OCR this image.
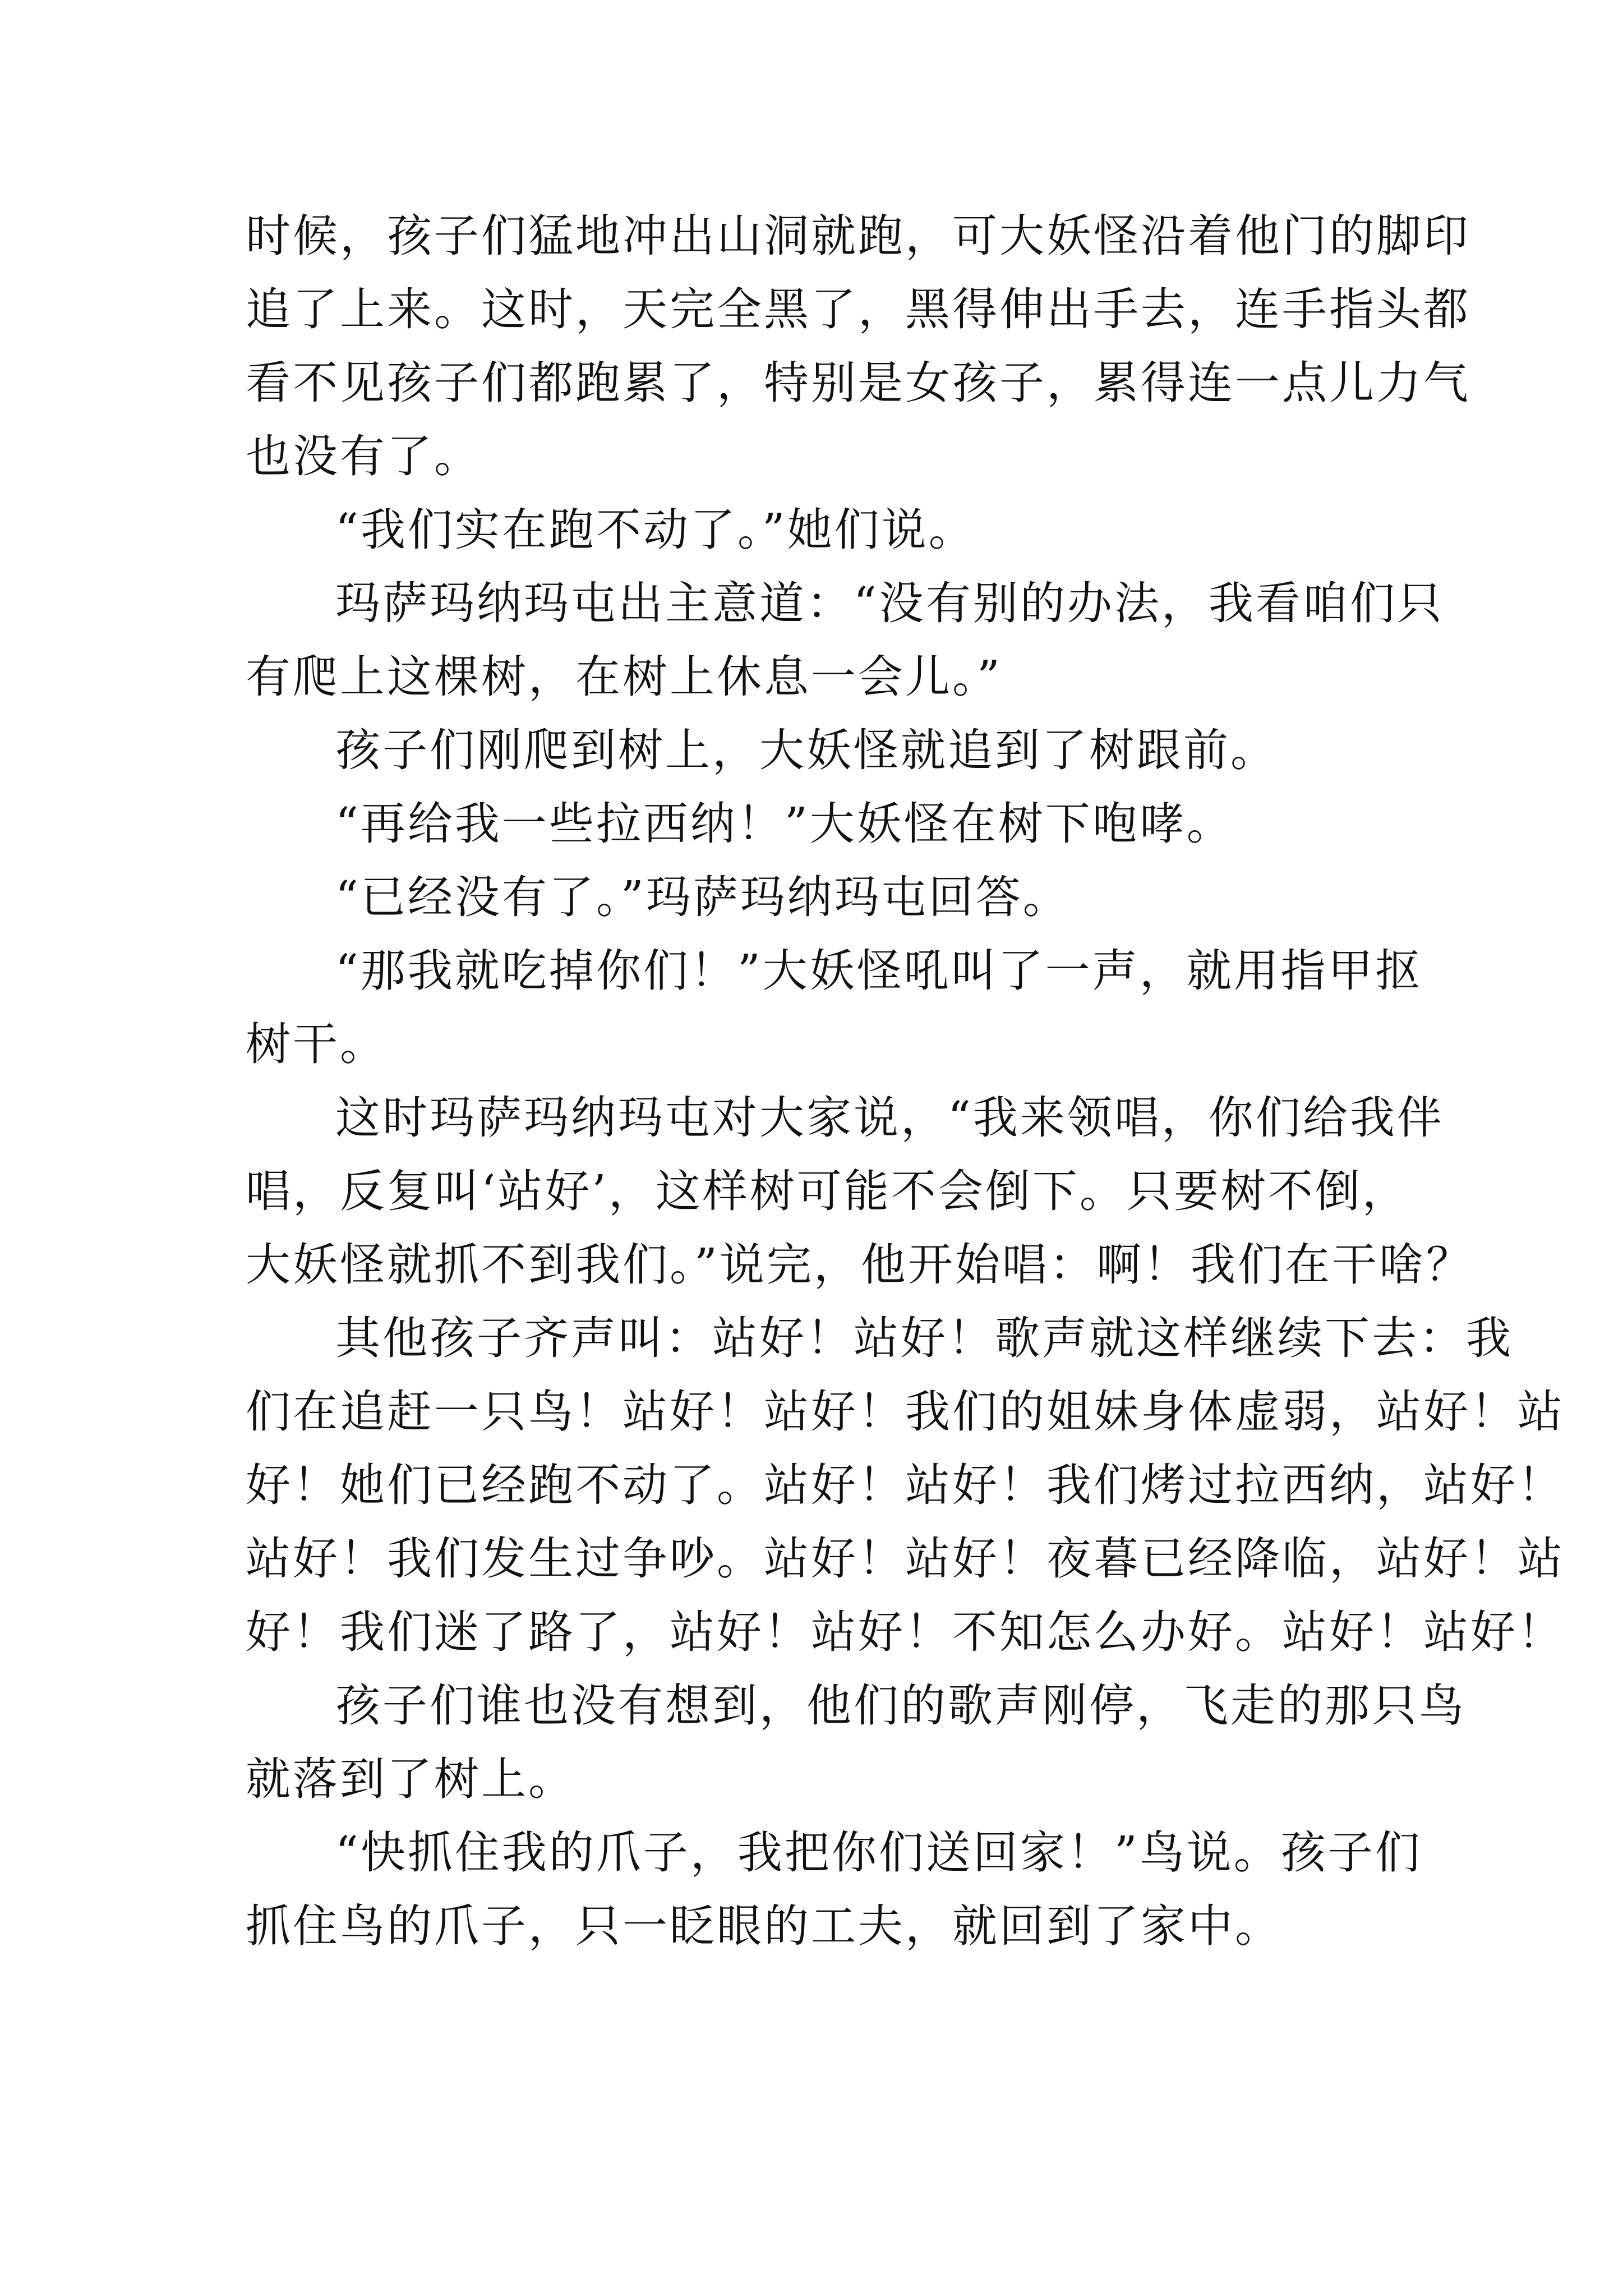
时候，孩子们猛地冲出山洞就跑，可大妖怪沿着他门的脚印
追了上来。这时，天完全黑了，黑得伸出手去，连手指头都
看不见孩子们都跑累了，特别是女孩子，累得连一点儿力气
也没有了。
“我们实在跑不动了。”她们说。
玛萨玛纳玛屯出主意道：“没有别的办法，我看咱们只
有爬上这棵树，在树上休息一会儿。”
孩子们刚爬到树上，大妖怪就追到了树跟前。
“再给我一些拉西纳！”大妖怪在树下咆哮。
“已经没有了。”玛萨玛纳玛屯回答。
“那我就吃掉你们！”大妖怪吼叫了一声，就用指甲抠
树干。
这时玛萨玛纳玛屯对大家说，“我来领唱，你们给我伴
唱，反复叫‘站好’，这样树可能不会倒下。只要树不倒，
大妖怪就抓不到我们。”说完，他开始唱：啊！我们在干啥？
其他孩子齐声叫：站好！站好！歌声就这样继续下去：我
们在追赶一只鸟！站好！站好！我们的姐妹身体虚弱，站好！站
好！她们已经跑不动了。站好！站好！我们烤过拉西纳，站好！
站好！我们发生过争吵。站好！站好！夜暮已经降临，站好！站
好！我们迷了路了，站好！站好！不知怎么办好。站好！站好！
孩子们谁也没有想到，他们的歌声刚停，飞走的那只鸟
就落到了树上。
“快抓住我的爪子，我把你们送回家！”鸟说。孩子们
抓住鸟的爪子，只一眨眼的工夫，就回到了家中。
